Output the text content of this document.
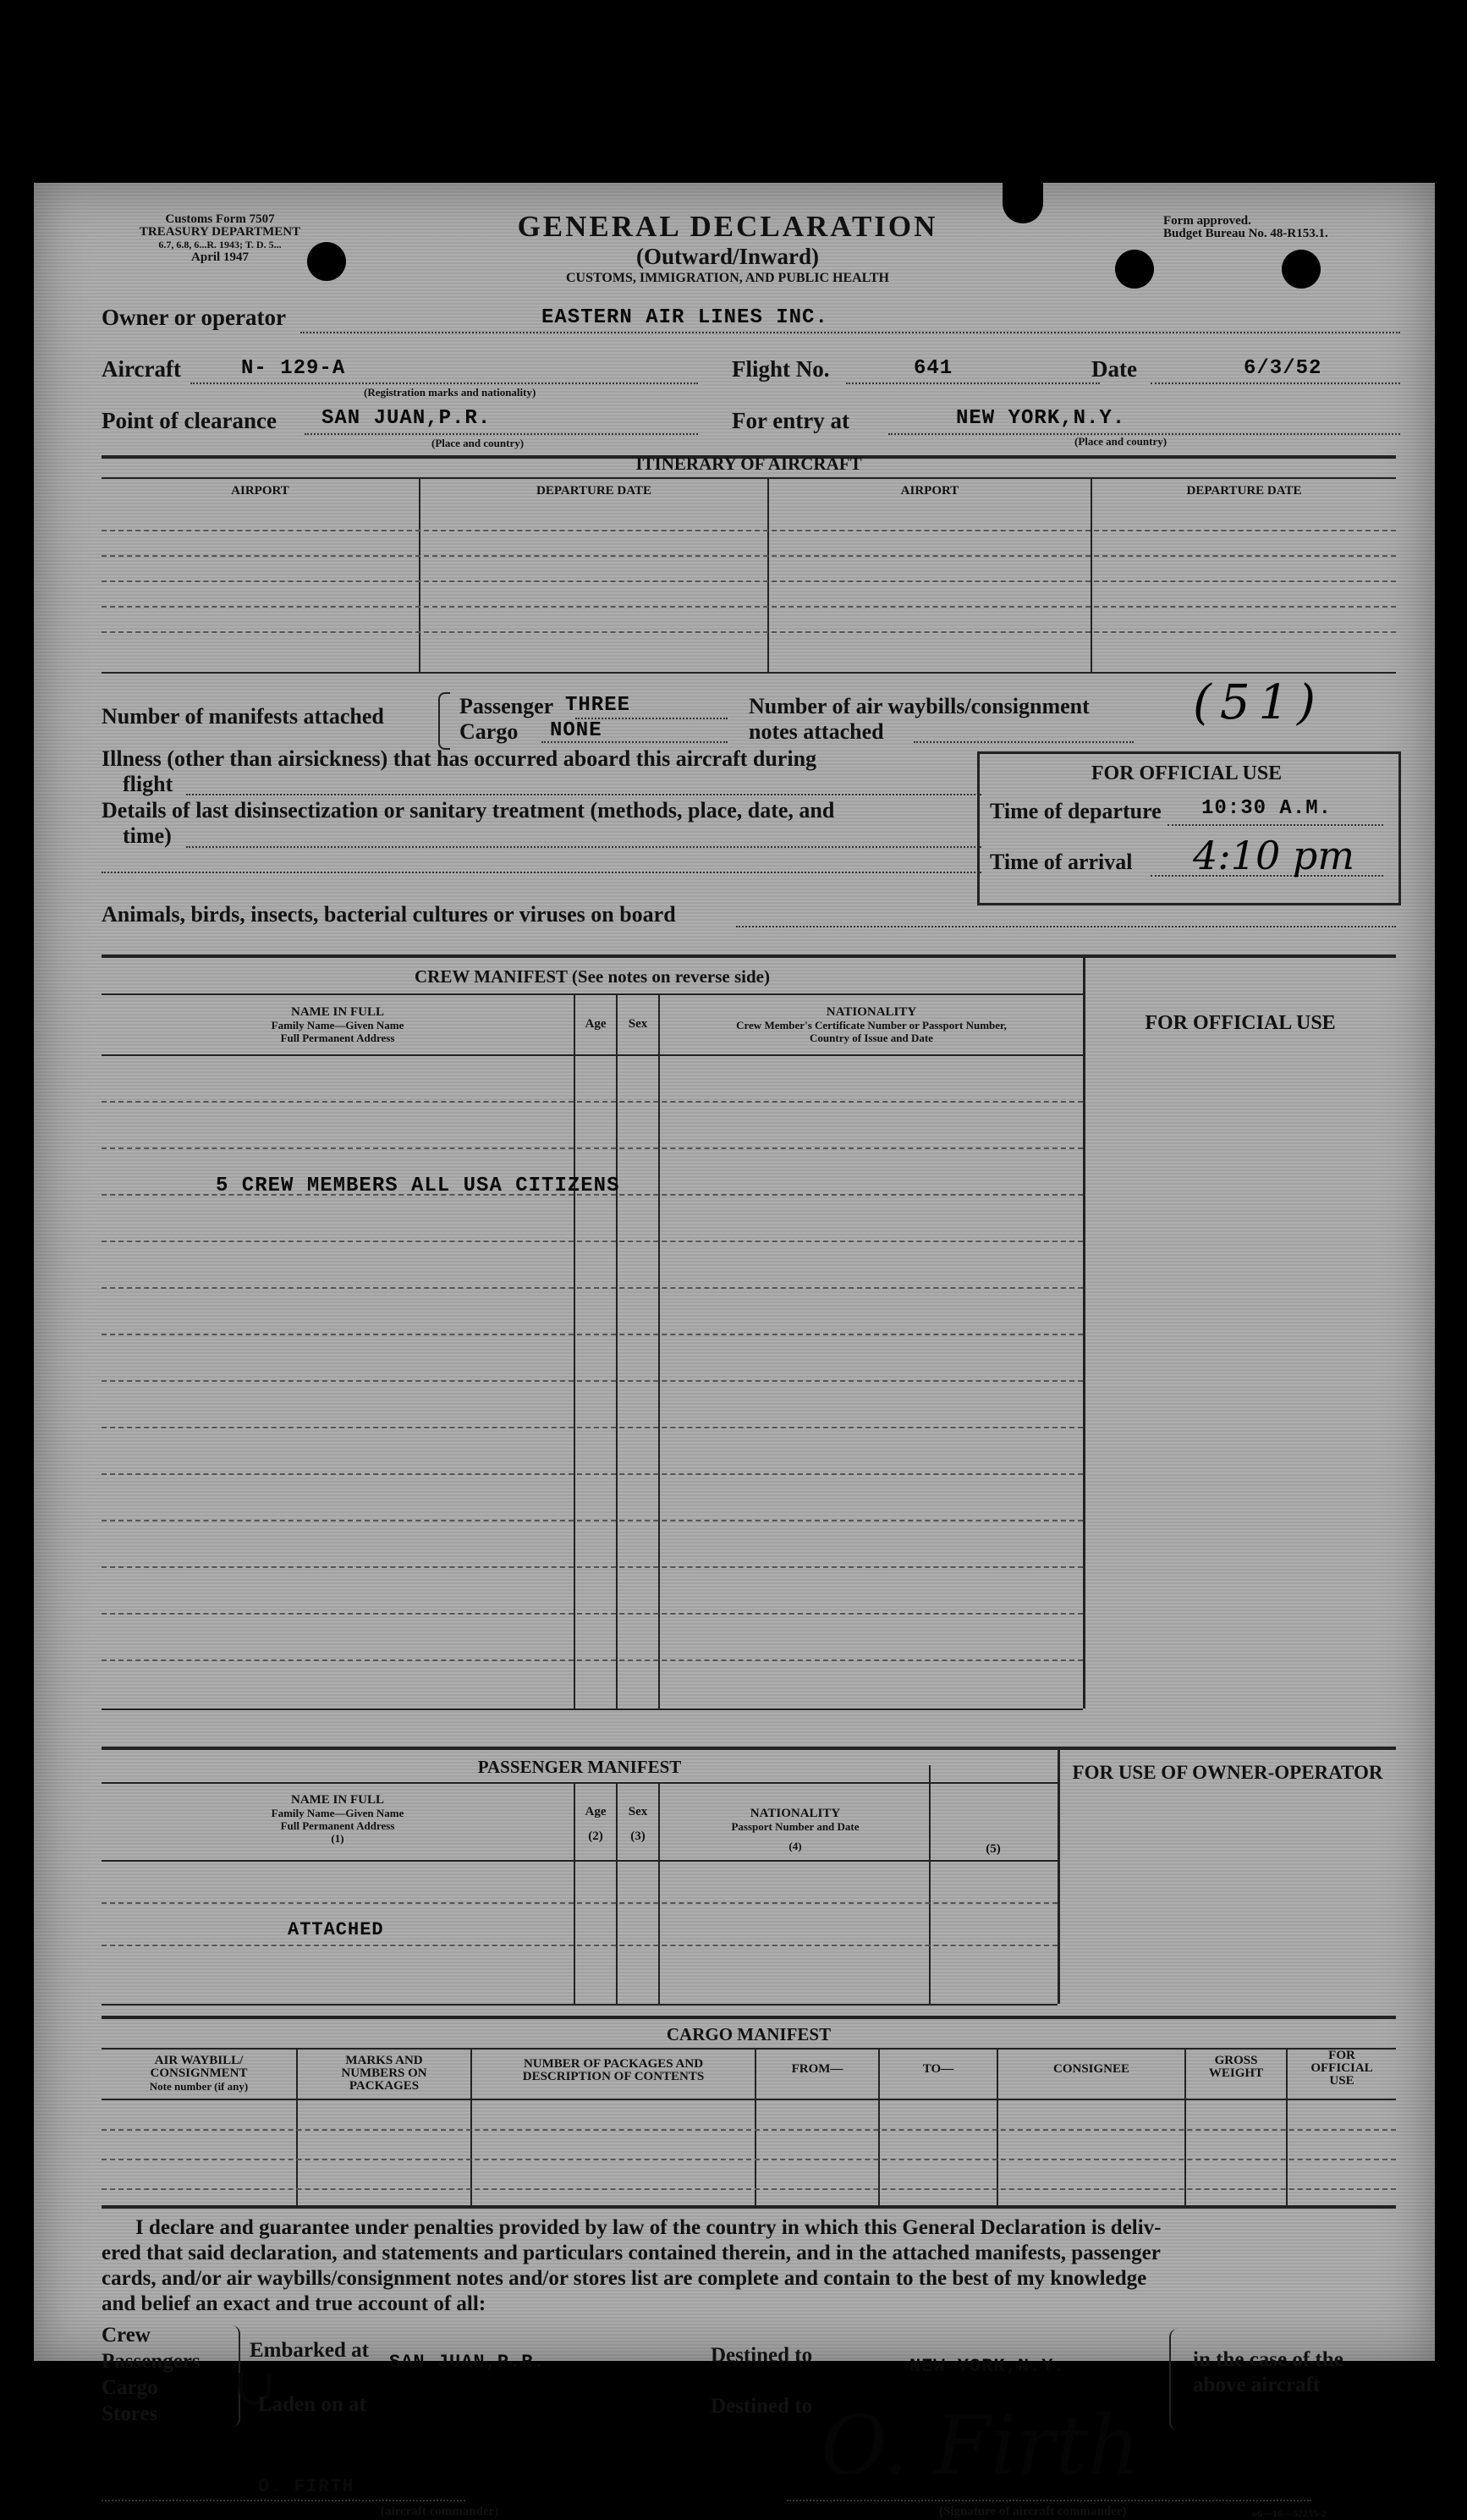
Customs Form 7507
TREASURY DEPARTMENT
6.7, 6.8, 6...R. 1943; T. D. 5...
April 1947
GENERAL DECLARATION
(Outward/Inward)
CUSTOMS, IMMIGRATION, AND PUBLIC HEALTH
Form approved.
Budget Bureau No. 48-R153.1.
Owner or operator	EASTERN AIR LINES INC.
Aircraft	N- 129-A
(Registration marks and nationality)
Flight No.	641	Date	6/3/52
Point of clearance SAN JUAN,P.R.
(Place and country)
For entry at	NEW YORK,N.Y.
(Place and country)
ITINERARY OF AIRCRAFT
AIRPORT	DEPARTURE DATE	AIRPORT	DEPARTURE DATE
Number of manifests attached	Passenger THREE
Cargo NONE
Number of air waybills/consignment
notes attached
(51)
Illness (other than airsickness) that has occurred aboard this aircraft during
flight
Details of last disinsectization or sanitary treatment (methods, place, date, and
time)
Animals, birds, insects, bacterial cultures or viruses on board
FOR OFFICIAL USE
Time of departure 10:30 A.M.
Time of arrival 4:10 pm
CREW MANIFEST (See notes on reverse side)
NAME IN FULL
Family Name—Given Name
Full Permanent Address
Age	Sex
NATIONALITY
Crew Member's Certificate Number or Passport Number,
Country of Issue and Date
FOR OFFICIAL USE
5 CREW MEMBERS ALL USA CITIZENS
PASSENGER MANIFEST
NAME IN FULL
Family Name—Given Name
Full Permanent Address
(1)
Age
(2)
Sex
(3)
NATIONALITY
Passport Number and Date
(4)	(5)
FOR USE OF OWNER-OPERATOR
ATTACHED
CARGO MANIFEST
AIR WAYBILL/
CONSIGNMENT
Note number (if any)
MARKS AND
NUMBERS ON
PACKAGES
NUMBER OF PACKAGES AND
DESCRIPTION OF CONTENTS
FROM—	TO—	CONSIGNEE
GROSS
WEIGHT
FOR
OFFICIAL
USE
I declare and guarantee under penalties provided by law of the country in which this General Declaration is deliv-
ered that said declaration, and statements and particulars contained therein, and in the attached manifests, passenger
cards, and/or air waybills/consignment notes and/or stores list are complete and contain to the best of my knowledge
and belief an exact and true account of all:
Crew
Passengers
Cargo
Stores	∪
Embarked at
SAN JUAN,P.R.
Laden on at
Destined to	NEW YORK,N.Y.
Destined to
in the case of the
above aircraft
O. FIRTH
(aircraft commander)
O. Firth
(Signature of aircraft commander)	o6—16—52255-2
